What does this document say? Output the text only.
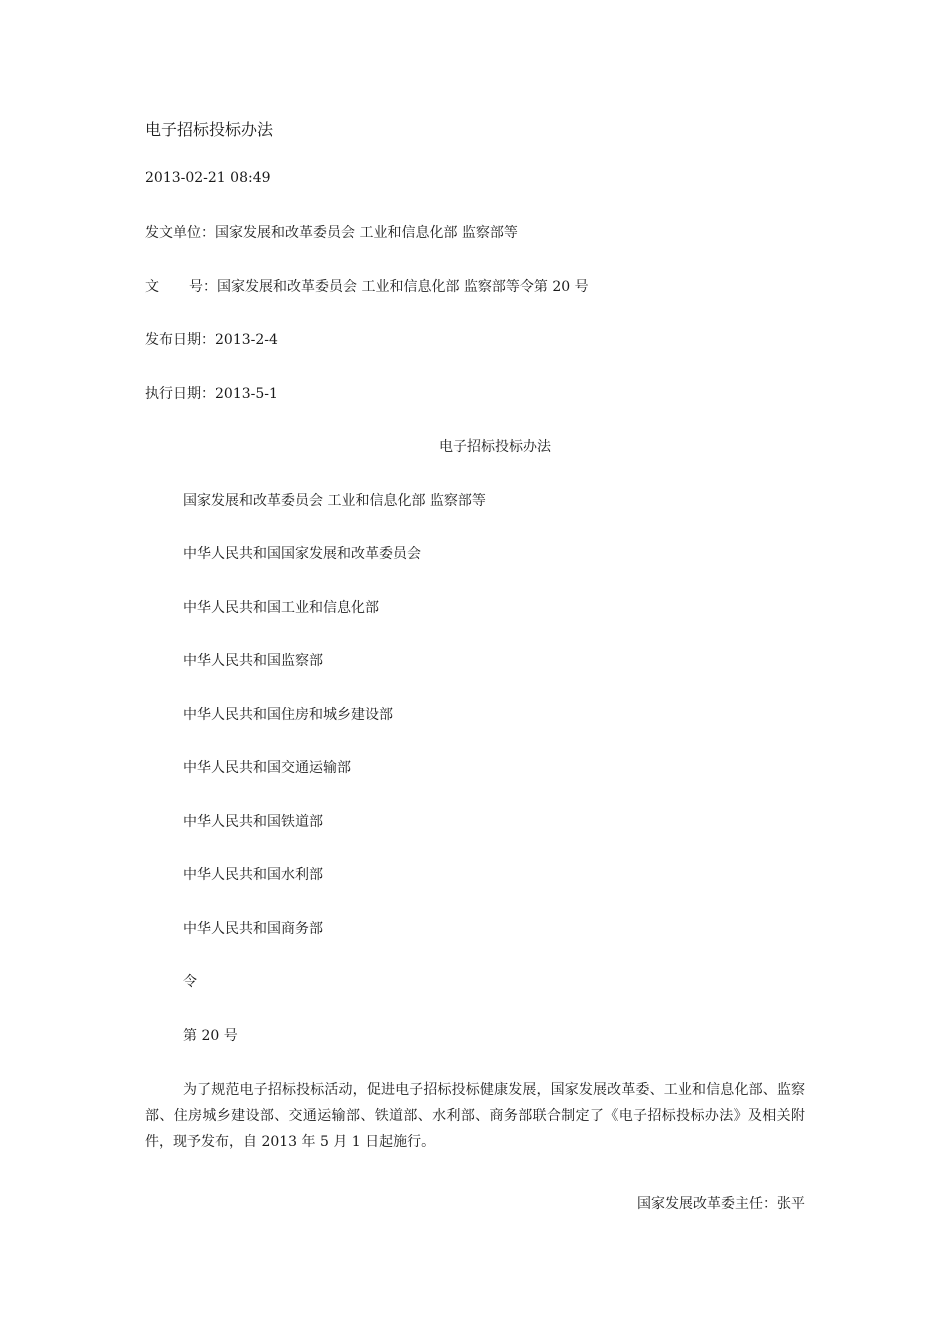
电子招标投标办法
2013-02-21 08:49
发文单位：国家发展和改革委员会 工业和信息化部 监察部等
文 号：国家发展和改革委员会 工业和信息化部 监察部等令第 20 号
发布日期：2013-2-4
执行日期：2013-5-1
电子招标投标办法
国家发展和改革委员会 工业和信息化部 监察部等
中华人民共和国国家发展和改革委员会
中华人民共和国工业和信息化部
中华人民共和国监察部
中华人民共和国住房和城乡建设部
中华人民共和国交通运输部
中华人民共和国铁道部
中华人民共和国水利部
中华人民共和国商务部
令
第 20 号
为了规范电子招标投标活动，促进电子招标投标健康发展，国家发展改革委、工业和信息化部、监察部、住房城乡建设部、交通运输部、铁道部、水利部、商务部联合制定了《电子招标投标办法》及相关附件，现予发布，自 2013 年 5 月 1 日起施行。
国家发展改革委主任：张平
